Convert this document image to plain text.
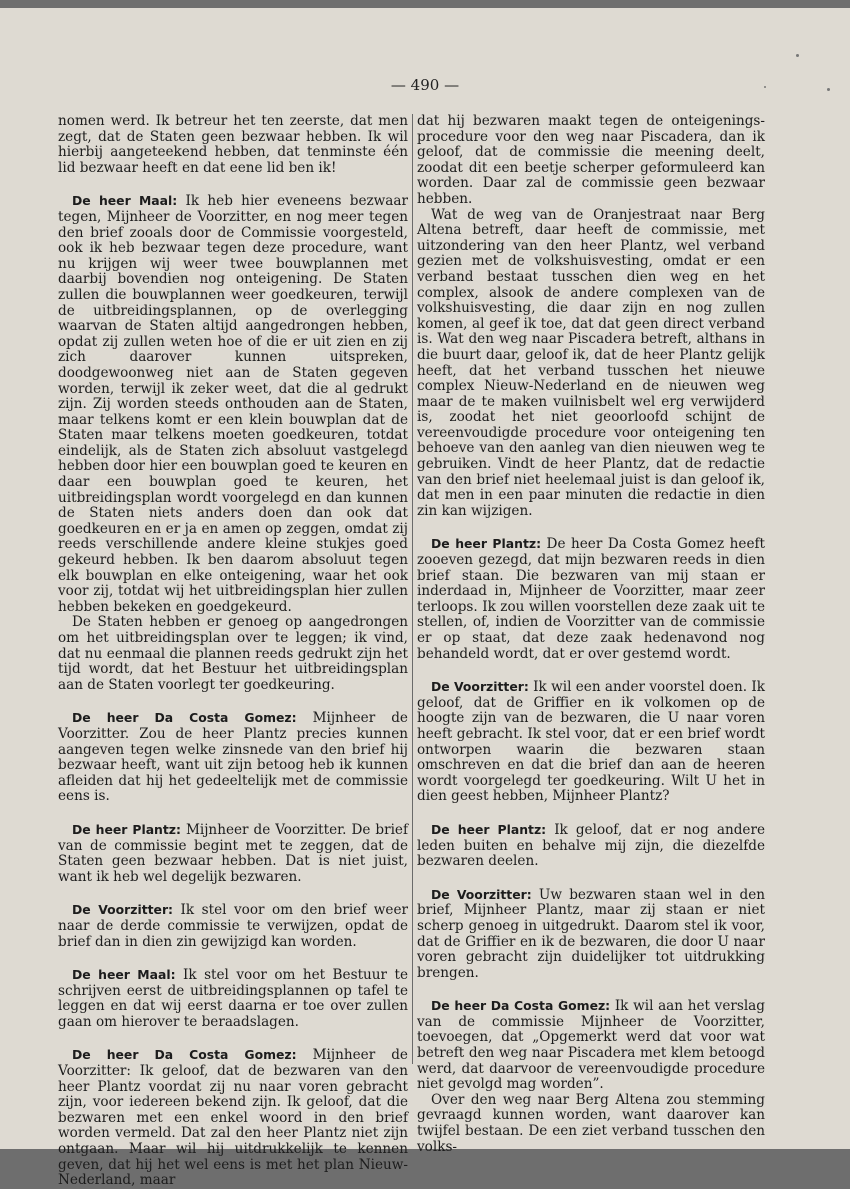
— 490 —

nomen werd. Ik betreur het ten zeerste, dat men zegt, dat de Staten geen bezwaar hebben. Ik wil hierbij aangeteekend hebben, dat tenminste één lid bezwaar heeft en dat eene lid ben ik!

De heer Maal: Ik heb hier eveneens bezwaar tegen, Mijnheer de Voorzitter, en nog meer tegen den brief zooals door de Commissie voorgesteld, ook ik heb bezwaar tegen deze procedure, want nu krijgen wij weer twee bouwplannen met daarbij bovendien nog onteigening. De Staten zullen die bouwplannen weer goedkeuren, terwijl de uitbreidingsplannen, op de overlegging waarvan de Staten altijd aangedrongen hebben, opdat zij zullen weten hoe of die er uit zien en zij zich daarover kunnen uitspreken, doodgewoonweg niet aan de Staten gegeven worden, terwijl ik zeker weet, dat die al gedrukt zijn. Zij worden steeds onthouden aan de Staten, maar telkens komt er een klein bouwplan dat de Staten maar telkens moeten goedkeuren, totdat eindelijk, als de Staten zich absoluut vastgelegd hebben door hier een bouwplan goed te keuren en daar een bouwplan goed te keuren, het uitbreidingsplan wordt voorgelegd en dan kunnen de Staten niets anders doen dan ook dat goedkeuren en er ja en amen op zeggen, omdat zij reeds verschillende andere kleine stukjes goed gekeurd hebben. Ik ben daarom absoluut tegen elk bouwplan en elke onteigening, waar het ook voor zij, totdat wij het uitbreidingsplan hier zullen hebben bekeken en goedgekeurd.

De Staten hebben er genoeg op aangedrongen om het uitbreidingsplan over te leggen; ik vind, dat nu eenmaal die plannen reeds gedrukt zijn het tijd wordt, dat het Bestuur het uitbreidingsplan aan de Staten voorlegt ter goedkeuring.

De heer Da Costa Gomez: Mijnheer de Voorzitter. Zou de heer Plantz precies kunnen aangeven tegen welke zinsnede van den brief hij bezwaar heeft, want uit zijn betoog heb ik kunnen afleiden dat hij het gedeeltelijk met de commissie eens is.

De heer Plantz: Mijnheer de Voorzitter. De brief van de commissie begint met te zeggen, dat de Staten geen bezwaar hebben. Dat is niet juist, want ik heb wel degelijk bezwaren.

De Voorzitter: Ik stel voor om den brief weer naar de derde commissie te verwijzen, opdat de brief dan in dien zin gewijzigd kan worden.

De heer Maal: Ik stel voor om het Bestuur te schrijven eerst de uitbreidingsplannen op tafel te leggen en dat wij eerst daarna er toe over zullen gaan om hierover te beraadslagen.

De heer Da Costa Gomez: Mijnheer de Voorzitter: Ik geloof, dat de bezwaren van den heer Plantz voordat zij nu naar voren gebracht zijn, voor iedereen bekend zijn. Ik geloof, dat die bezwaren met een enkel woord in den brief worden vermeld. Dat zal den heer Plantz niet zijn ontgaan. Maar wil hij uitdrukkelijk te kennen geven, dat hij het wel eens is met het plan Nieuw-Nederland, maar

dat hij bezwaren maakt tegen de onteigenings-procedure voor den weg naar Piscadera, dan ik geloof, dat de commissie die meening deelt, zoodat dit een beetje scherper geformuleerd kan worden. Daar zal de commissie geen bezwaar hebben.

Wat de weg van de Oranjestraat naar Berg Altena betreft, daar heeft de commissie, met uitzondering van den heer Plantz, wel verband gezien met de volkshuisvesting, omdat er een verband bestaat tusschen dien weg en het complex, alsook de andere complexen van de volkshuisvesting, die daar zijn en nog zullen komen, al geef ik toe, dat dat geen direct verband is. Wat den weg naar Piscadera betreft, althans in die buurt daar, geloof ik, dat de heer Plantz gelijk heeft, dat het verband tusschen het nieuwe complex Nieuw-Nederland en de nieuwen weg maar de te maken vuilnisbelt wel erg verwijderd is, zoodat het niet geoorloofd schijnt de vereenvoudigde procedure voor onteigening ten behoeve van den aanleg van dien nieuwen weg te gebruiken. Vindt de heer Plantz, dat de redactie van den brief niet heelemaal juist is dan geloof ik, dat men in een paar minuten die redactie in dien zin kan wijzigen.

De heer Plantz: De heer Da Costa Gomez heeft zooeven gezegd, dat mijn bezwaren reeds in dien brief staan. Die bezwaren van mij staan er inderdaad in, Mijnheer de Voorzitter, maar zeer terloops. Ik zou willen voorstellen deze zaak uit te stellen, of, indien de Voorzitter van de commissie er op staat, dat deze zaak hedenavond nog behandeld wordt, dat er over gestemd wordt.

De Voorzitter: Ik wil een ander voorstel doen. Ik geloof, dat de Griffier en ik volkomen op de hoogte zijn van de bezwaren, die U naar voren heeft gebracht. Ik stel voor, dat er een brief wordt ontworpen waarin die bezwaren staan omschreven en dat die brief dan aan de heeren wordt voorgelegd ter goedkeuring. Wilt U het in dien geest hebben, Mijnheer Plantz?

De heer Plantz: Ik geloof, dat er nog andere leden buiten en behalve mij zijn, die diezelfde bezwaren deelen.

De Voorzitter: Uw bezwaren staan wel in den brief, Mijnheer Plantz, maar zij staan er niet scherp genoeg in uitgedrukt. Daarom stel ik voor, dat de Griffier en ik de bezwaren, die door U naar voren gebracht zijn duidelijker tot uitdrukking brengen.

De heer Da Costa Gomez: Ik wil aan het verslag van de commissie Mijnheer de Voorzitter, toevoegen, dat „Opgemerkt werd dat voor wat betreft den weg naar Piscadera met klem betoogd werd, dat daarvoor de vereenvoudigde procedure niet gevolgd mag worden”.

Over den weg naar Berg Altena zou stemming gevraagd kunnen worden, want daarover kan twijfel bestaan. De een ziet verband tusschen den volks-
